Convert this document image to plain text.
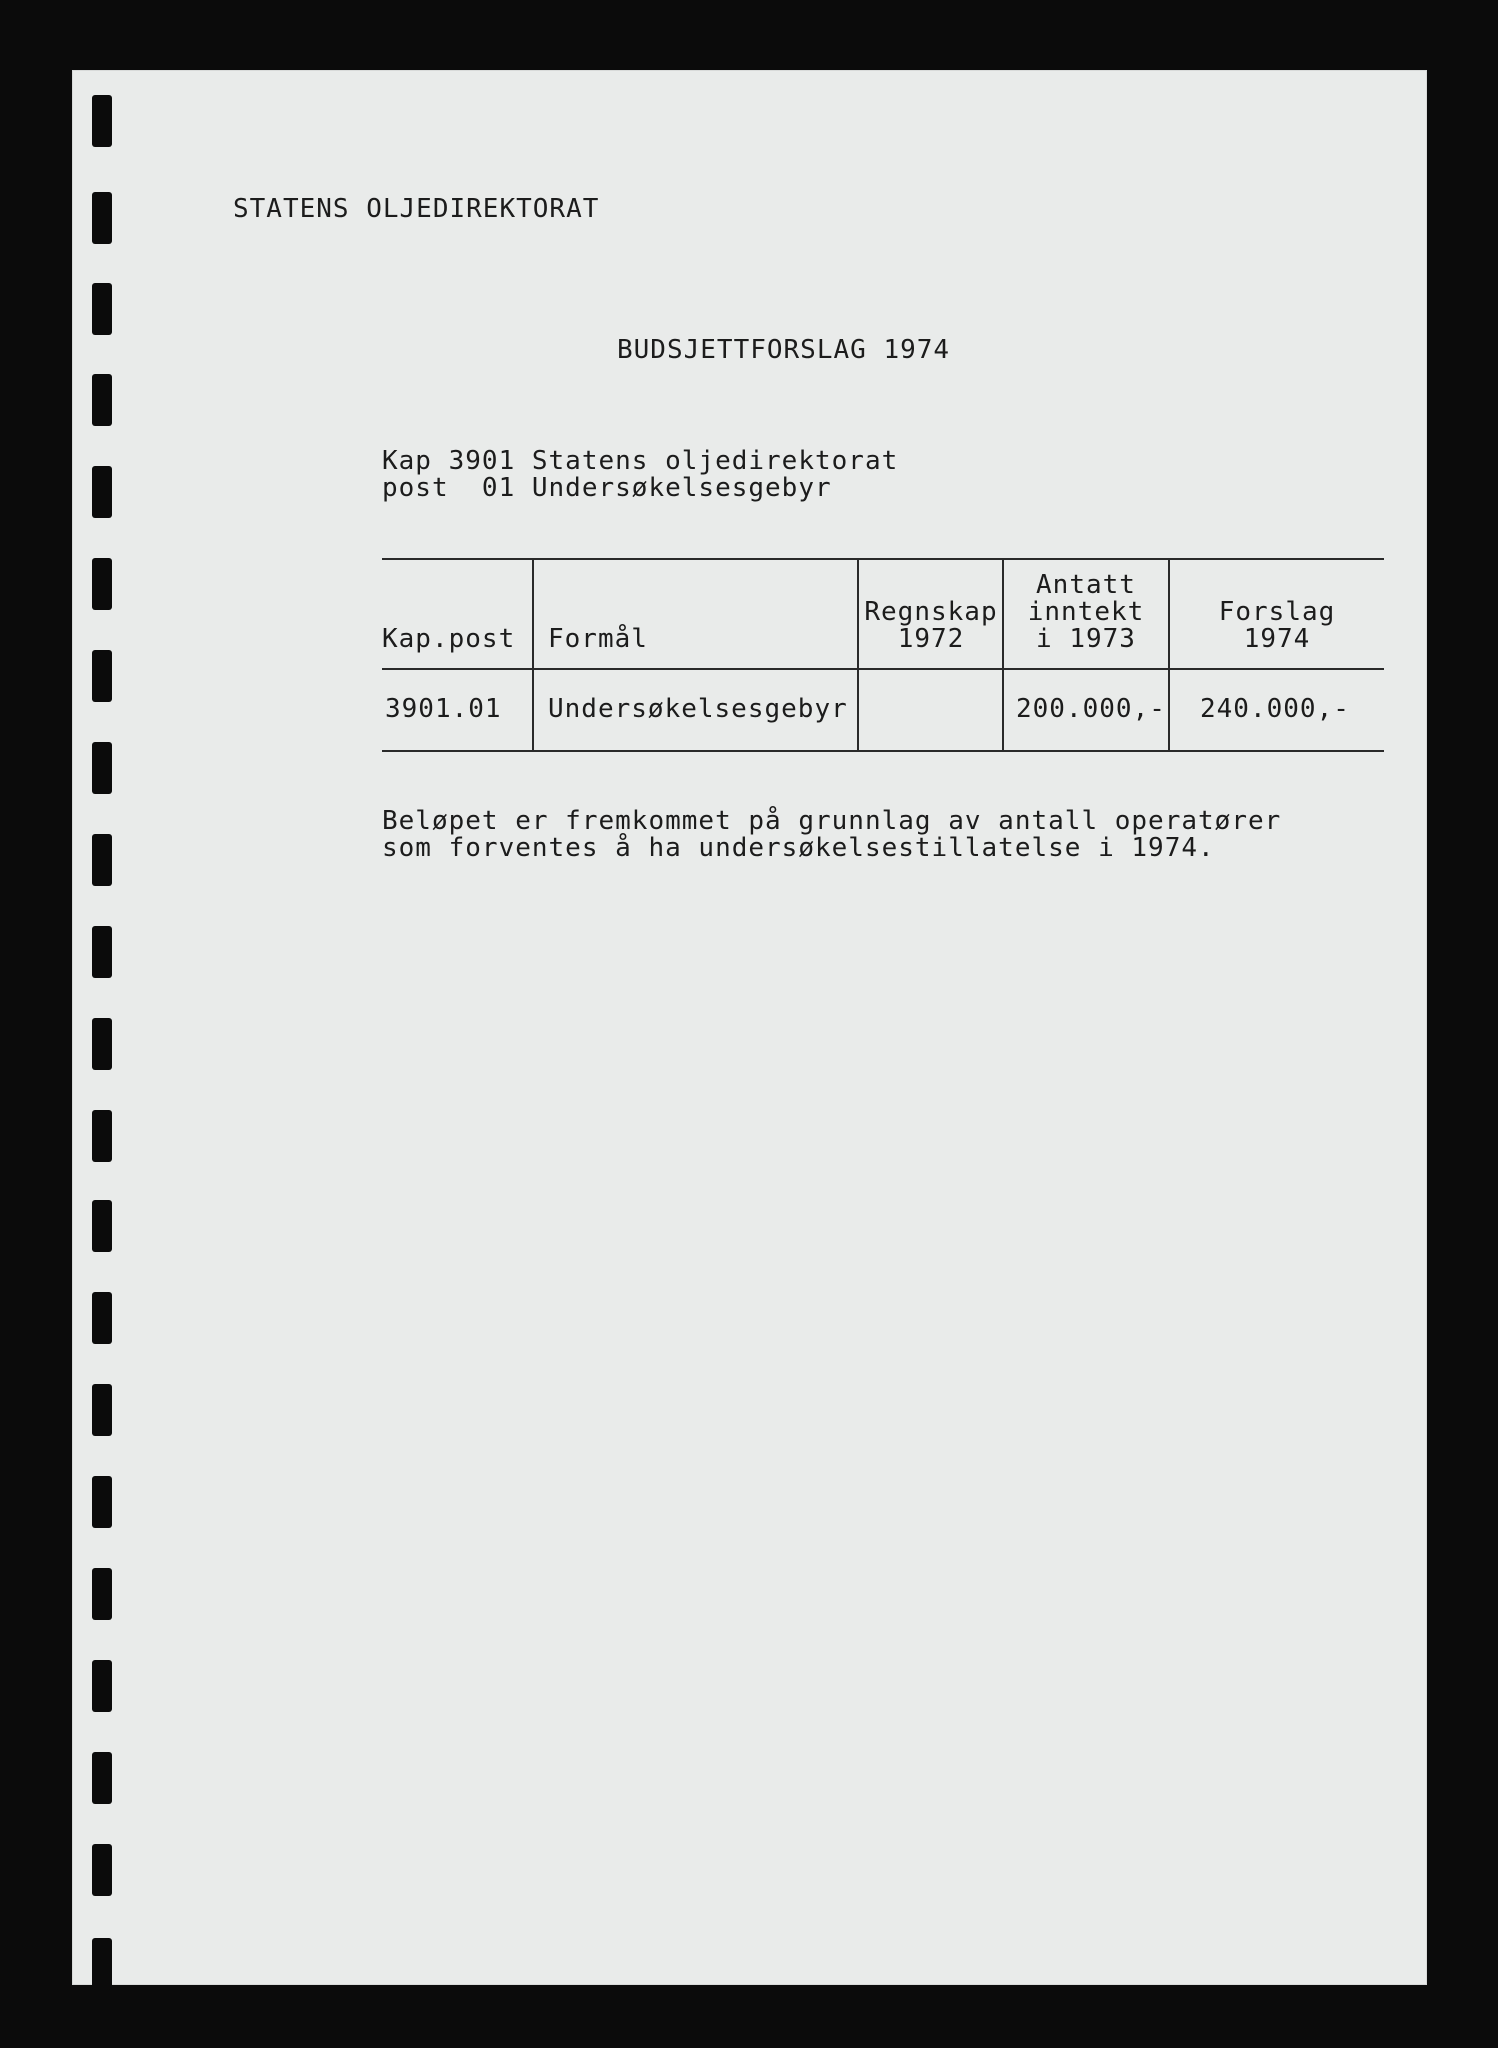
STATENS OLJEDIREKTORAT
BUDSJETTFORSLAG 1974
Kap 3901 Statens oljedirektorat
post  01 Undersøkelsesgebyr
Kap.post Formål
Regnskap
1972
Antatt
inntekt
i 1973
Forslag
1974
3901.01 Undersøkelsesgebyr	200.000,- 240.000,-
Beløpet er fremkommet på grunnlag av antall operatører
som forventes å ha undersøkelsestillatelse i 1974.
